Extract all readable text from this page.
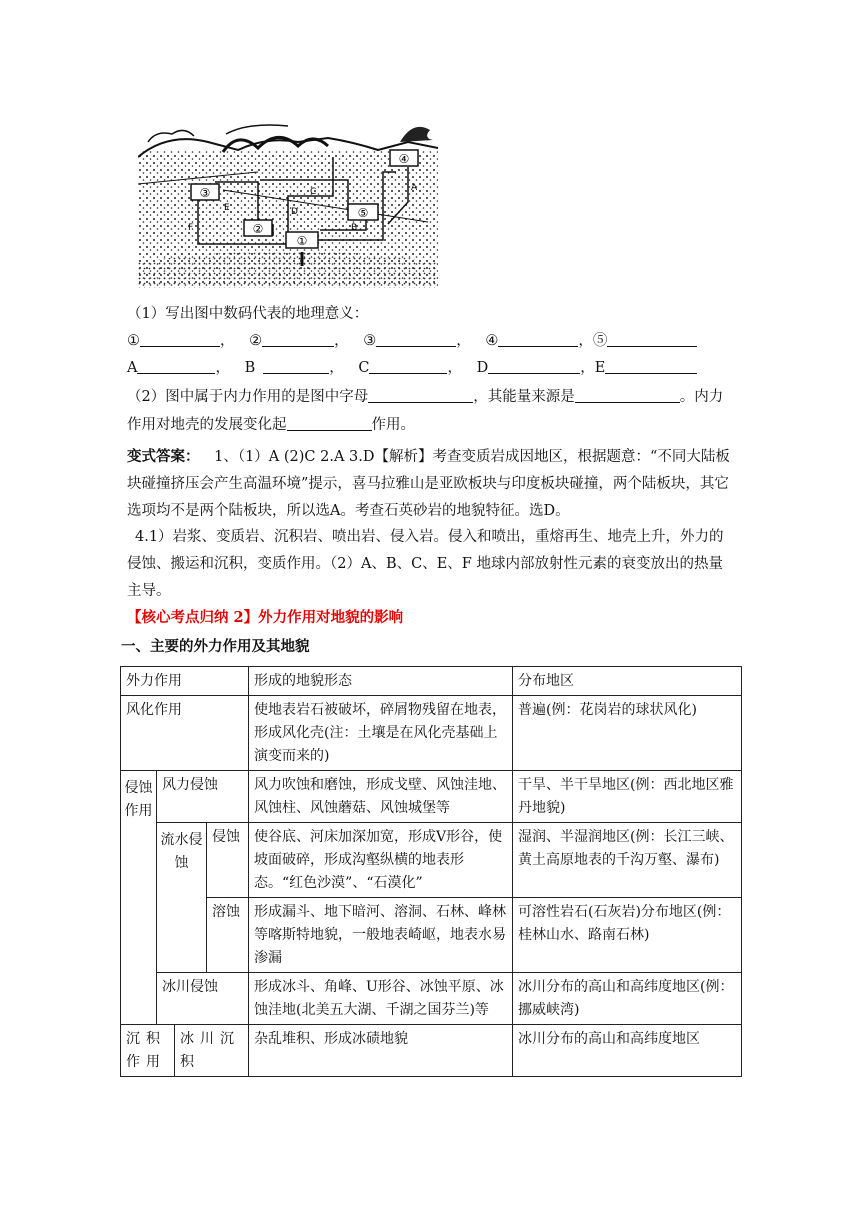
③
②
①
⑤
④
A
B
C
D
E
F
（1）写出图中数码代表的地理意义：
①	， ②	， ③	， ④	，⑤
A	， B	， C	， D	，E
（2）图中属于内力作用的是图中字母	，其能量来源是	。内力
作用对地壳的发展变化起	作用。
变式答案： 1、（1）A (2)C 2.A 3.D【解析】考查变质岩成因地区，根据题意：“不同大陆板块碰撞挤压会产生高温环境”提示，喜马拉雅山是亚欧板块与印度板块碰撞，两个陆板块，其它选项均不是两个陆板块，所以选A。考查石英砂岩的地貌特征。选D。
4.1）岩浆、变质岩、沉积岩、喷出岩、侵入岩。侵入和喷出，重熔再生、地壳上升，外力的侵蚀、搬运和沉积，变质作用。（2）A、B、C、E、F 地球内部放射性元素的衰变放出的热量 主导。
【核心考点归纳 2】外力作用对地貌的影响
一、主要的外力作用及其地貌
外力作用				形成的地貌形态	分布地区
风化作用				使地表岩石被破坏，碎屑物残留在地表，形成风化壳(注：土壤是在风化壳基础上演变而来的)	普遍(例：花岗岩的球状风化)
侵蚀作用	风力侵蚀			风力吹蚀和磨蚀，形成戈壁、风蚀洼地、风蚀柱、风蚀蘑菇、风蚀城堡等	干旱、半干旱地区(例：西北地区雅丹地貌)
	流水侵蚀		侵蚀	使谷底、河床加深加宽，形成V形谷，使坡面破碎，形成沟壑纵横的地表形态。“红色沙漠”、“石漠化”	湿润、半湿润地区(例：长江三峡、黄土高原地表的千沟万壑、瀑布)
			溶蚀	形成漏斗、地下暗河、溶洞、石林、峰林等喀斯特地貌，一般地表崎岖，地表水易渗漏	可溶性岩石(石灰岩)分布地区(例：桂林山水、路南石林)
	冰川侵蚀			形成冰斗、角峰、U形谷、冰蚀平原、冰蚀洼地(北美五大湖、千湖之国芬兰)等	冰川分布的高山和高纬度地区(例：挪威峡湾)
沉积作用		冰川沉积		杂乱堆积、形成冰碛地貌	冰川分布的高山和高纬度地区
